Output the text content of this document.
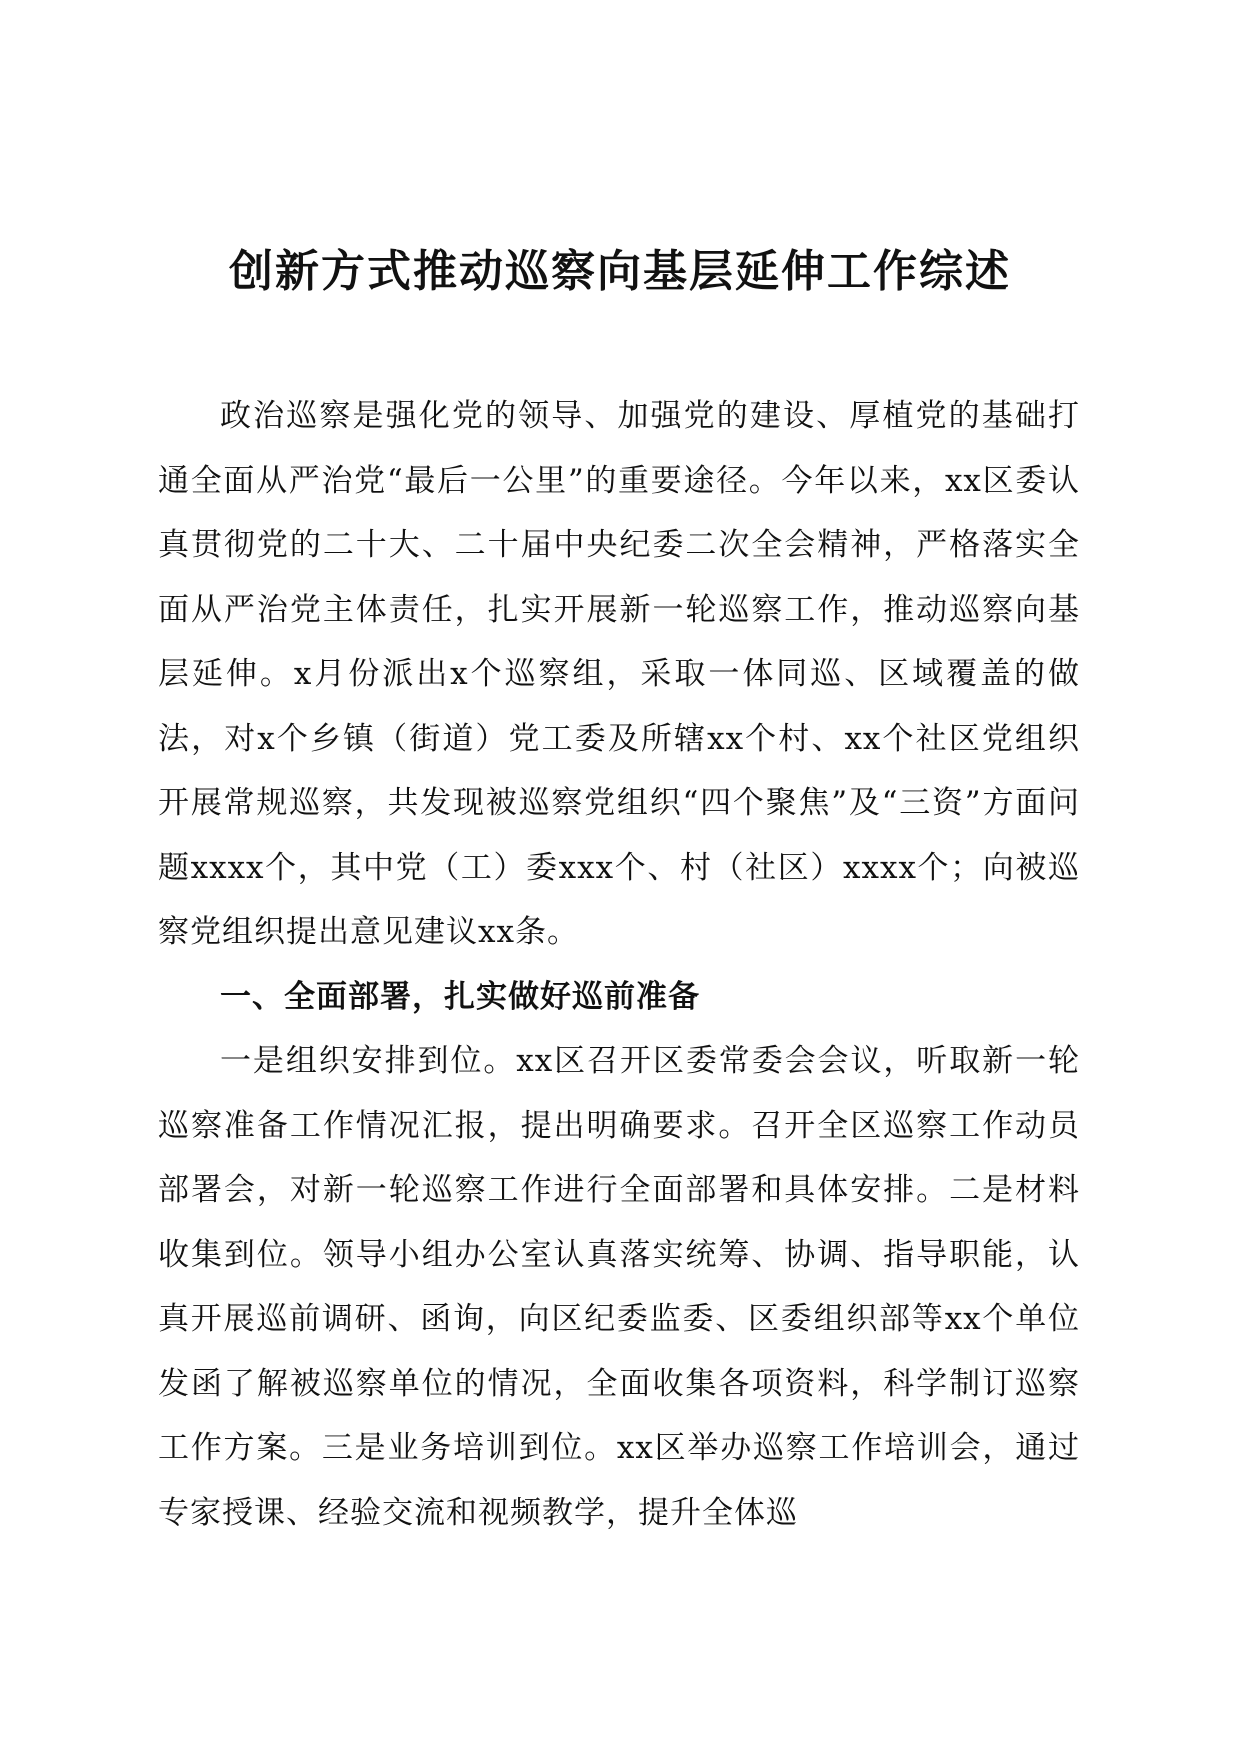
创新方式推动巡察向基层延伸工作综述

政治巡察是强化党的领导、加强党的建设、厚植党的基础打通全面从严治党“最后一公里”的重要途径。今年以来，xx区委认真贯彻党的二十大、二十届中央纪委二次全会精神，严格落实全面从严治党主体责任，扎实开展新一轮巡察工作，推动巡察向基层延伸。x月份派出x个巡察组，采取一体同巡、区域覆盖的做法，对x个乡镇（街道）党工委及所辖xx个村、xx个社区党组织开展常规巡察，共发现被巡察党组织“四个聚焦”及“三资”方面问题xxxx个，其中党（工）委xxx个、村（社区）xxxx个；向被巡察党组织提出意见建议xx条。

一、全面部署，扎实做好巡前准备

一是组织安排到位。xx区召开区委常委会会议，听取新一轮巡察准备工作情况汇报，提出明确要求。召开全区巡察工作动员部署会，对新一轮巡察工作进行全面部署和具体安排。二是材料收集到位。领导小组办公室认真落实统筹、协调、指导职能，认真开展巡前调研、函询，向区纪委监委、区委组织部等xx个单位发函了解被巡察单位的情况，全面收集各项资料，科学制订巡察工作方案。三是业务培训到位。xx区举办巡察工作培训会，通过专家授课、经验交流和视频教学，提升全体巡
